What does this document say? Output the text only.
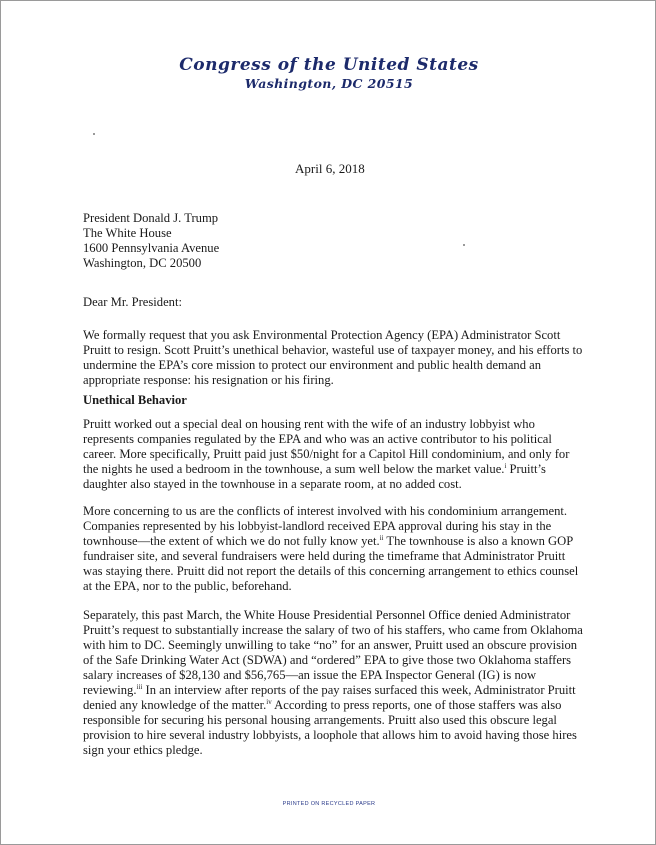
Congress of the United States
Washington, DC 20515
April 6, 2018
President Donald J. Trump
The White House
1600 Pennsylvania Avenue
Washington, DC 20500

Dear Mr. President:

We formally request that you ask Environmental Protection Agency (EPA) Administrator Scott Pruitt to resign. Scott Pruitt’s unethical behavior, wasteful use of taxpayer money, and his efforts to undermine the EPA’s core mission to protect our environment and public health demand an appropriate response: his resignation or his firing.

Unethical Behavior

Pruitt worked out a special deal on housing rent with the wife of an industry lobbyist who represents companies regulated by the EPA and who was an active contributor to his political career. More specifically, Pruitt paid just $50/night for a Capitol Hill condominium, and only for the nights he used a bedroom in the townhouse, a sum well below the market value.$^i$ Pruitt’s daughter also stayed in the townhouse in a separate room, at no added cost.

More concerning to us are the conflicts of interest involved with his condominium arrangement. Companies represented by his lobbyist-landlord received EPA approval during his stay in the townhouse—the extent of which we do not fully know yet.$^{ii}$ The townhouse is also a known GOP fundraiser site, and several fundraisers were held during the timeframe that Administrator Pruitt was staying there. Pruitt did not report the details of this concerning arrangement to ethics counsel at the EPA, nor to the public, beforehand.

Separately, this past March, the White House Presidential Personnel Office denied Administrator Pruitt’s request to substantially increase the salary of two of his staffers, who came from Oklahoma with him to DC. Seemingly unwilling to take “no” for an answer, Pruitt used an obscure provision of the Safe Drinking Water Act (SDWA) and “ordered” EPA to give those two Oklahoma staffers salary increases of $28,130 and $56,765—an issue the EPA Inspector General (IG) is now reviewing.$^{iii}$ In an interview after reports of the pay raises surfaced this week, Administrator Pruitt denied any knowledge of the matter.$^{iv}$ According to press reports, one of those staffers was also responsible for securing his personal housing arrangements. Pruitt also used this obscure legal provision to hire several industry lobbyists, a loophole that allows him to avoid having those hires sign your ethics pledge.

PRINTED ON RECYCLED PAPER
